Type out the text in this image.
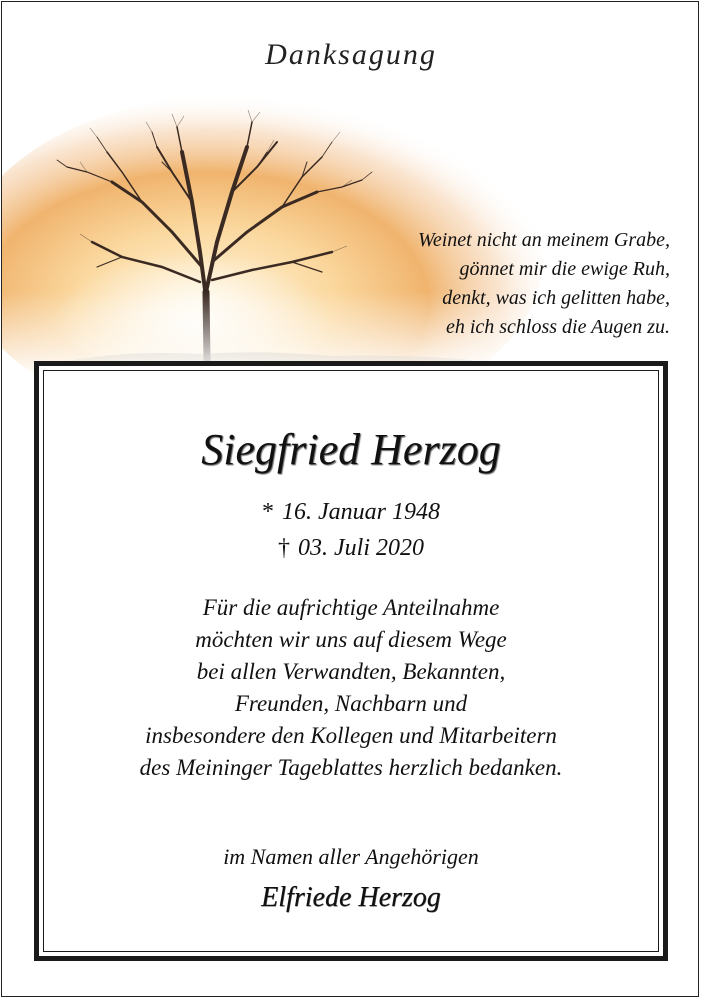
Danksagung
Weinet nicht an meinem Grabe,
gönnet mir die ewige Ruh,
denkt, was ich gelitten habe,
eh ich schloss die Augen zu.
Siegfried Herzog
* 16. Januar 1948
† 03. Juli 2020
Für die aufrichtige Anteilnahme
möchten wir uns auf diesem Wege
bei allen Verwandten, Bekannten,
Freunden, Nachbarn und
insbesondere den Kollegen und Mitarbeitern
des Meininger Tageblattes herzlich bedanken.
im Namen aller Angehörigen
Elfriede Herzog
